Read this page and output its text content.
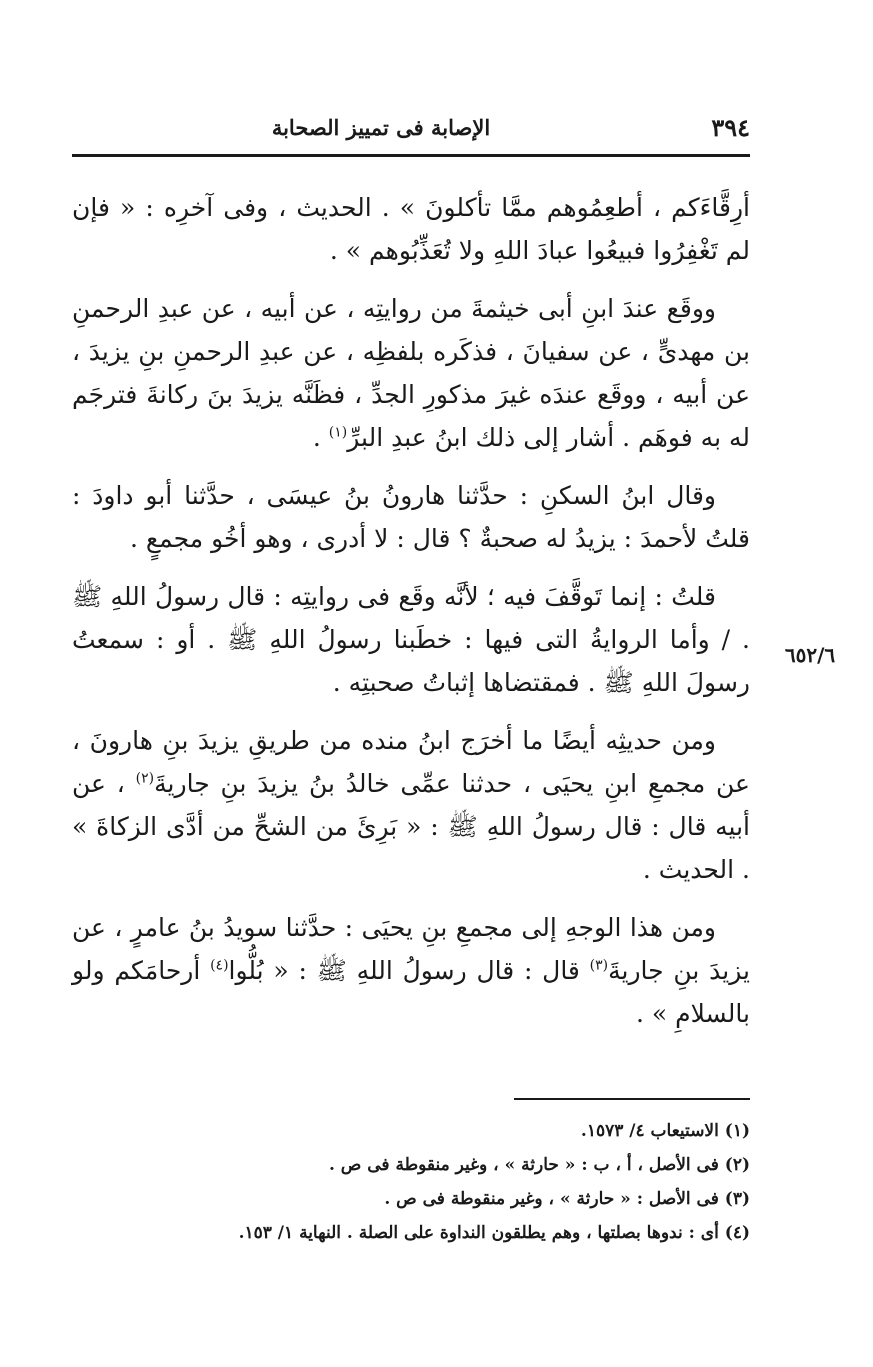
٣٩٤
الإصابة فى تمييز الصحابة
٦٥٢/٦

أرِقَّاءَكم ، أطعِمُوهم ممَّا تأكلونَ » . الحديث ، وفى آخرِه : « فإن لم تَغْفِرُوا فبيعُوا عبادَ اللهِ ولا تُعَذِّبُوهم » .

ووقَع عندَ ابنِ أبى خيثمةَ من روايتِه ، عن أبيه ، عن عبدِ الرحمنِ بن مهدىٍّ ، عن سفيانَ ، فذكَره بلفظِه ، عن عبدِ الرحمنِ بنِ يزيدَ ، عن أبيه ، ووقَع عندَه غيرَ مذكورِ الجدِّ ، فظَنَّه يزيدَ بنَ ركانةَ فترجَم له به فوهَم . أشار إلى ذلك ابنُ عبدِ البرِّ$^{(١)}$ .

وقال ابنُ السكنِ : حدَّثنا هارونُ بنُ عيسَى ، حدَّثنا أبو داودَ : قلتُ لأحمدَ : يزيدُ له صحبةٌ ؟ قال : لا أدرى ، وهو أخُو مجمعٍ .

قلتُ : إنما تَوقَّفَ فيه ؛ لأنَّه وقَع فى روايتِه : قال رسولُ اللهِ ﷺ . / وأما الروايةُ التى فيها : خطَبنا رسولُ اللهِ ﷺ . أو : سمعتُ رسولَ اللهِ ﷺ . فمقتضاها إثباتُ صحبتِه .

ومن حديثِه أيضًا ما أخرَج ابنُ منده من طريقِ يزيدَ بنِ هارونَ ، عن مجمعِ ابنِ يحيَى ، حدثنا عمِّى خالدُ بنُ يزيدَ بنِ جاريةَ$^{(٢)}$ ، عن أبيه قال : قال رسولُ اللهِ ﷺ : « بَرِئَ من الشحِّ من أدَّى الزكاةَ » . الحديث .

ومن هذا الوجهِ إلى مجمعِ بنِ يحيَى : حدَّثنا سويدُ بنُ عامرٍ ، عن يزيدَ بنِ جاريةَ$^{(٣)}$ قال : قال رسولُ اللهِ ﷺ : « بُلُّوا$^{(٤)}$ أرحامَكم ولو بالسلامِ » .

(١) الاستيعاب ٤/ ١٥٧٣.

(٢) فى الأصل ، أ ، ب : « حارثة » ، وغير منقوطة فى ص .

(٣) فى الأصل : « حارثة » ، وغير منقوطة فى ص .

(٤) أى : ندوها بصلتها ، وهم يطلقون النداوة على الصلة . النهاية ١/ ١٥٣.
